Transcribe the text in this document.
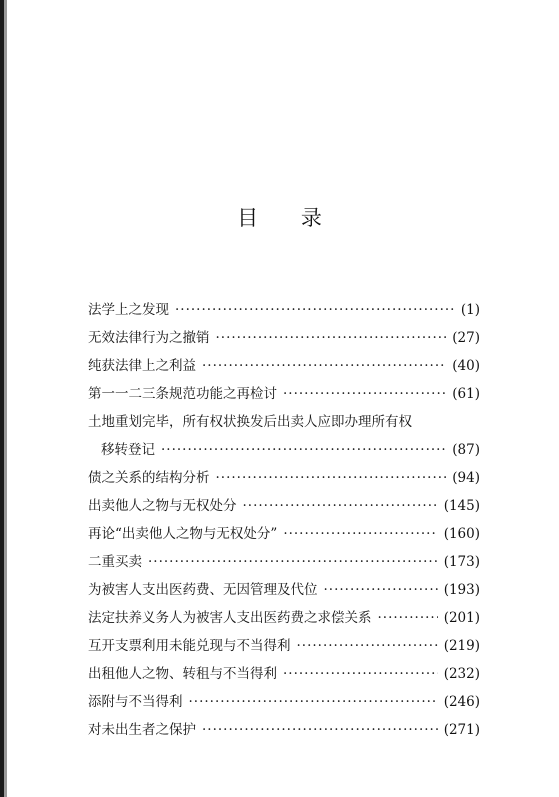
目 录
法学上之发现 ·····	(1)
无效法律行为之撤销 ·····	(27)
纯获法律上之利益 ·····	(40)
第一一二三条规范功能之再检讨 ·····	(61)
土地重划完毕，所有权状换发后出卖人应即办理所有权
移转登记 ·····	(87)
债之关系的结构分析 ·····	(94)
出卖他人之物与无权处分 ·····	(145)
再论“出卖他人之物与无权处分” ·····	(160)
二重买卖 ·····	(173)
为被害人支出医药费、无因管理及代位 ·····	(193)
法定扶养义务人为被害人支出医药费之求偿关系 ·····	(201)
互开支票利用未能兑现与不当得利 ·····	(219)
出租他人之物、转租与不当得利 ·····	(232)
添附与不当得利 ·····	(246)
对未出生者之保护 ·····	(271)
